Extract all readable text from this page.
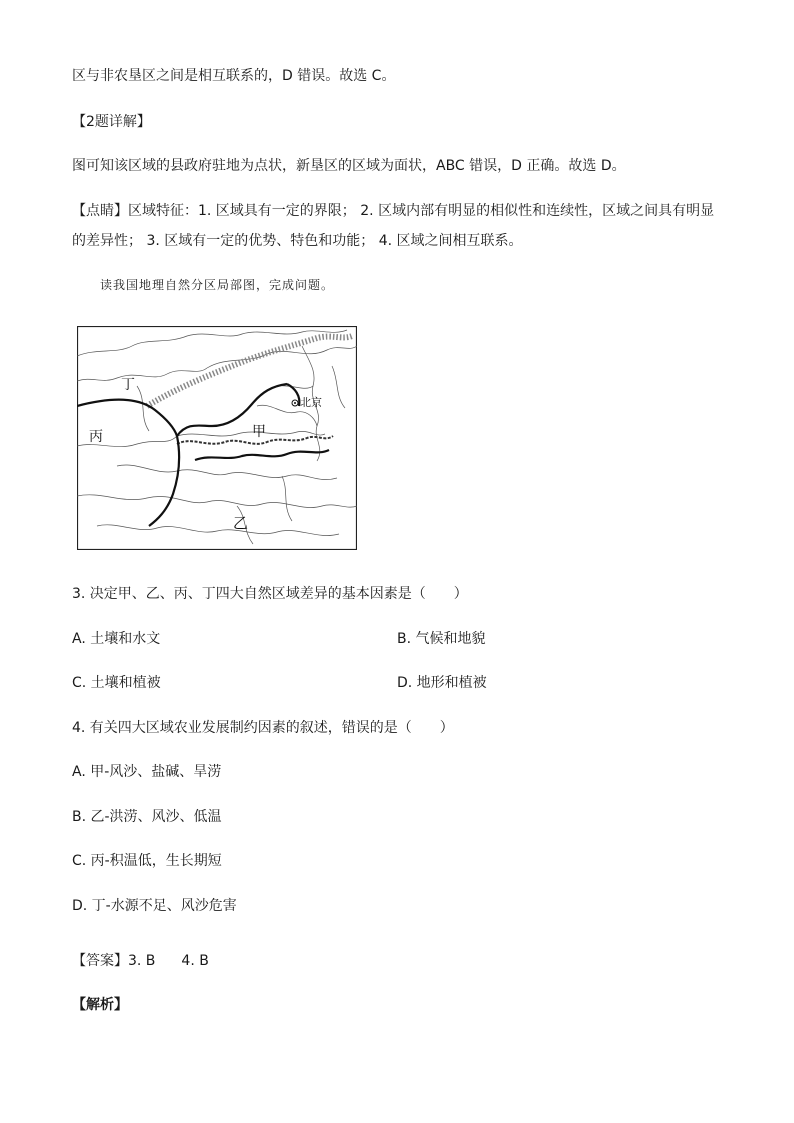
区与非农垦区之间是相互联系的，D 错误。故选 C。
【2题详解】
图可知该区域的县政府驻地为点状，新垦区的区域为面状，ABC 错误，D 正确。故选 D。
【点睛】区域特征：1. 区域具有一定的界限； 2. 区域内部有明显的相似性和连续性，区域之间具有明显
的差异性； 3. 区域有一定的优势、特色和功能； 4. 区域之间相互联系。
读我国地理自然分区局部图，完成问题。
丁
丙	甲
乙
北京
3. 决定甲、乙、丙、丁四大自然区域差异的基本因素是（　　）
A. 土壤和水文	B. 气候和地貌
C. 土壤和植被	D. 地形和植被
4. 有关四大区域农业发展制约因素的叙述，错误的是（　　）
A. 甲-风沙、盐碱、旱涝
B. 乙-洪涝、风沙、低温
C. 丙-积温低，生长期短
D. 丁-水源不足、风沙危害
【答案】3. B 4. B
【解析】
